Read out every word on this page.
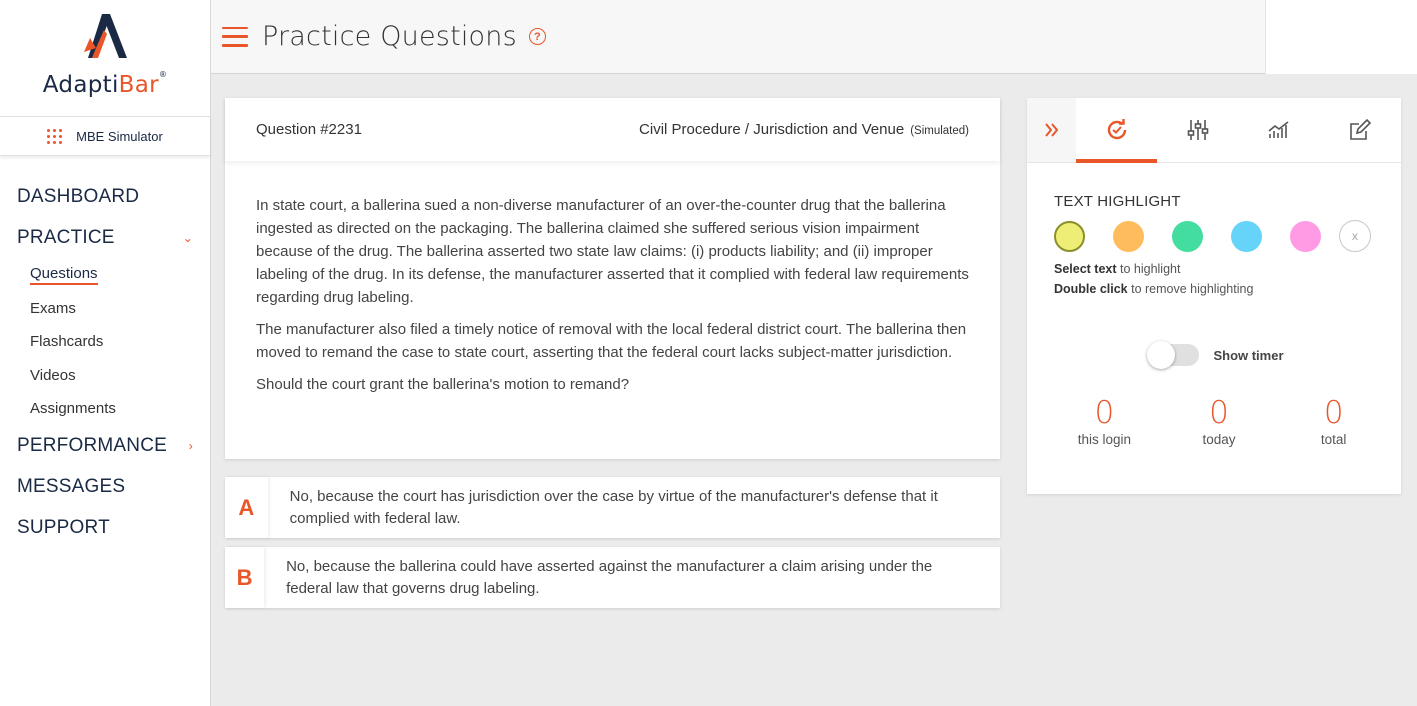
AdaptiBar®
MBE Simulator
DASHBOARD
PRACTICE	⌄
Questions
Exams
Flashcards
Videos
Assignments
PERFORMANCE ›
MESSAGES
SUPPORT
Practice Questions	?
Question #2231	Civil Procedure / Jurisdiction and Venue (Simulated)

In state court, a ballerina sued a non-diverse manufacturer of an over-the-counter drug that the ballerina ingested as directed on the packaging. The ballerina claimed she suffered serious vision impairment because of the drug. The ballerina asserted two state law claims: (i) products liability; and (ii) improper labeling of the drug. In its defense, the manufacturer asserted that it complied with federal law requirements regarding drug labeling.

The manufacturer also filed a timely notice of removal with the local federal district court. The ballerina then moved to remand the case to state court, asserting that the federal court lacks subject-matter jurisdiction.

Should the court grant the ballerina's motion to remand?

A	No, because the court has jurisdiction over the case by virtue of the manufacturer's defense that it complied with federal law.
B	No, because the ballerina could have asserted against the manufacturer a claim arising under the federal law that governs drug labeling.
TEXT HIGHLIGHT
x
Select text to highlight
Double click to remove highlighting
Show timer
0
this login
0
today
0
total
